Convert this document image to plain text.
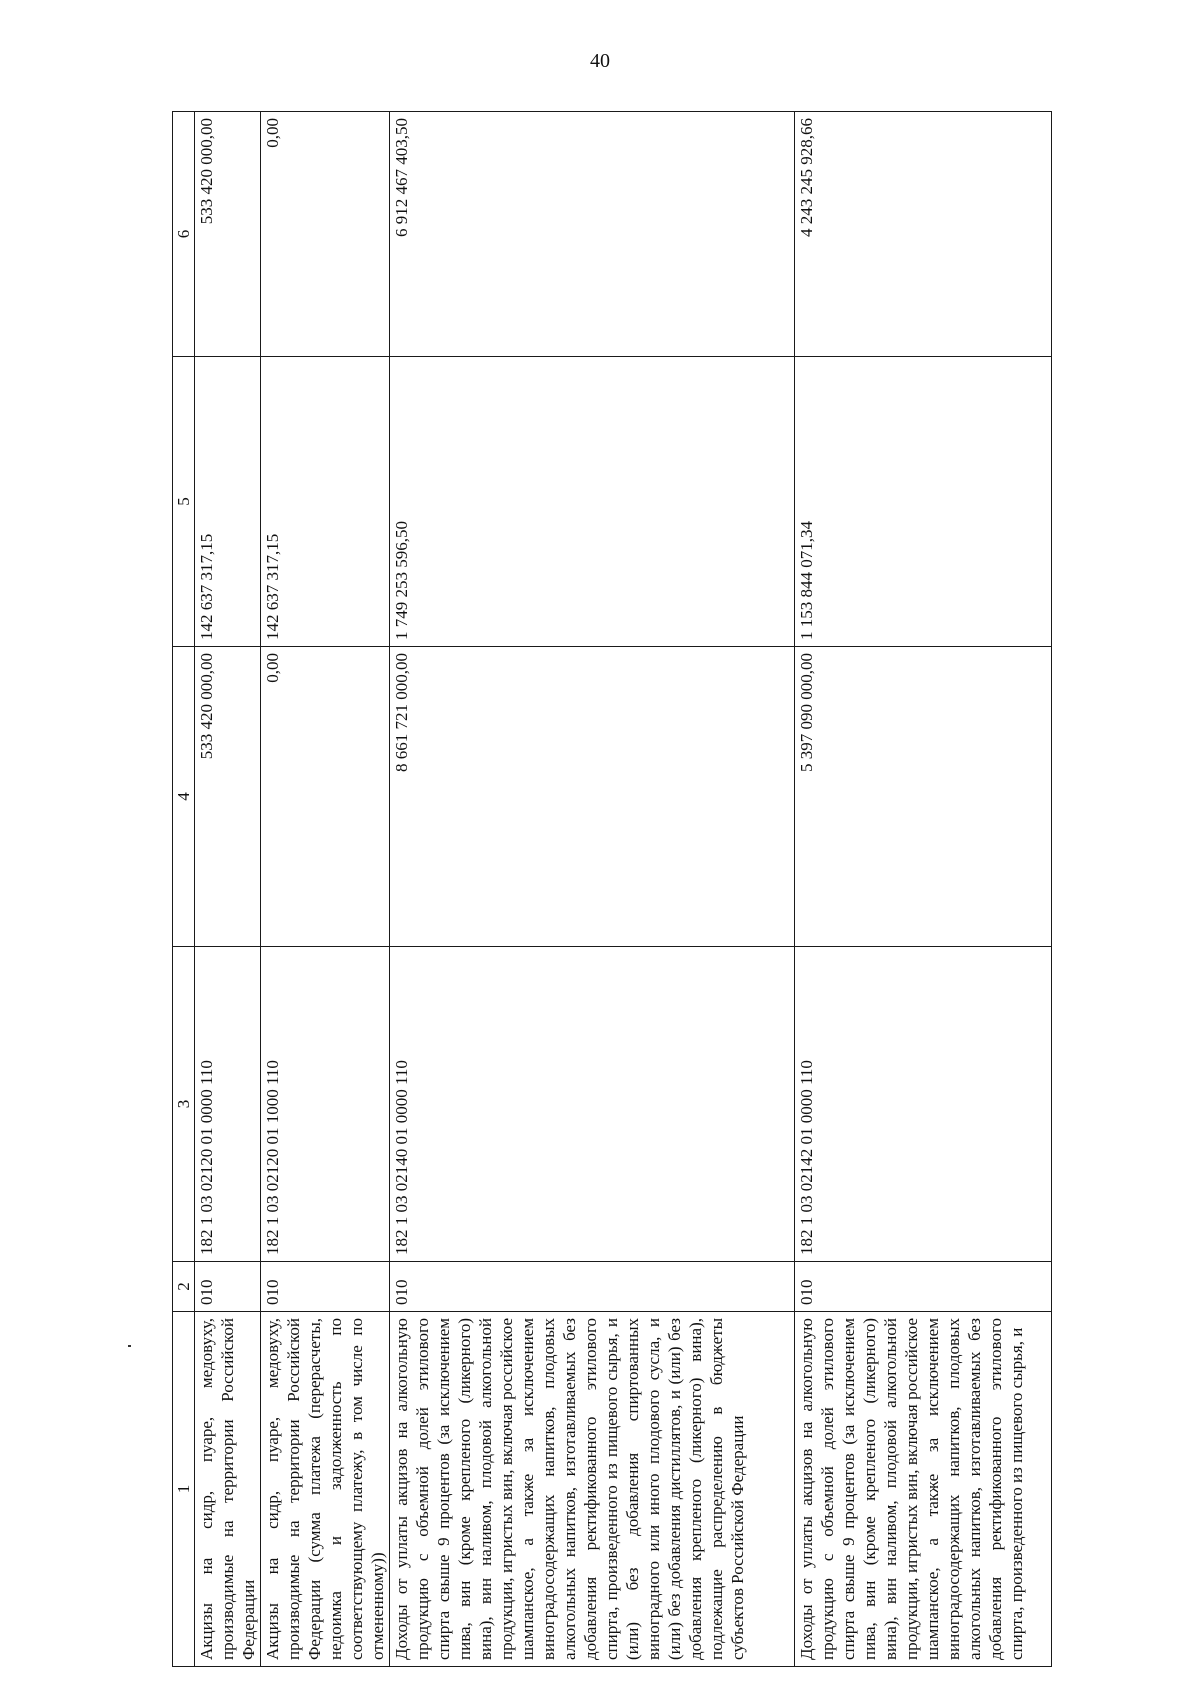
40
1	2	3	4	5	6
Акцизы на сидр, пуаре, медовуху, производимые на территории Российской Федерации	010	182 1 03 02120 01 0000 110	533 420 000,00	142 637 317,15	533 420 000,00
Акцизы на сидр, пуаре, медовуху, производимые на территории Российской Федерации (сумма платежа (перерасчеты, недоимка и задолженность по соответствующему платежу, в том числе по отмененному))	010	182 1 03 02120 01 1000 110	0,00	142 637 317,15	0,00
Доходы от уплаты акцизов на алкогольную продукцию с объемной долей этилового спирта свыше 9 процентов (за исключением пива, вин (кроме крепленого (ликерного) вина), вин наливом, плодовой алкогольной продукции, игристых вин, включая российское шампанское, а также за исключением виноградосодержащих напитков, плодовых алкогольных напитков, изготавливаемых без добавления ректификованного этилового спирта, произведенного из пищевого сырья, и (или) без добавления спиртованных виноградного или иного плодового сусла, и (или) без добавления дистиллятов, и (или) без добавления крепленого (ликерного) вина), подлежащие распределению в бюджеты субъектов Российской Федерации	010	182 1 03 02140 01 0000 110	8 661 721 000,00	1 749 253 596,50	6 912 467 403,50
Доходы от уплаты акцизов на алкогольную продукцию с объемной долей этилового спирта свыше 9 процентов (за исключением пива, вин (кроме крепленого (ликерного) вина), вин наливом, плодовой алкогольной продукции, игристых вин, включая российское шампанское, а также за исключением виноградосодержащих напитков, плодовых алкогольных напитков, изготавливаемых без добавления ректификованного этилового спирта, произведенного из пищевого сырья, и	010	182 1 03 02142 01 0000 110	5 397 090 000,00	1 153 844 071,34	4 243 245 928,66
